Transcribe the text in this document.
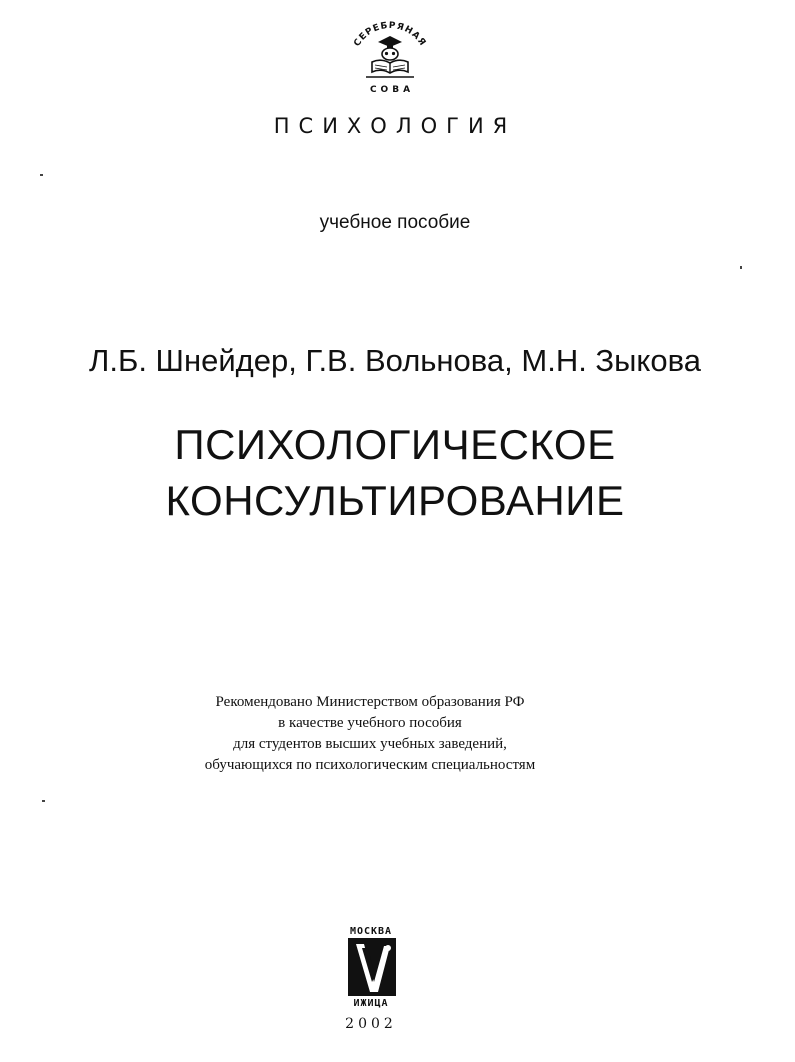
СЕРЕБРЯНАЯ
СОВА
ПСИХОЛОГИЯ
учебное пособие
Л.Б. Шнейдер, Г.В. Вольнова, М.Н. Зыкова
ПСИХОЛОГИЧЕСКОЕ
КОНСУЛЬТИРОВАНИЕ
Рекомендовано Министерством образования РФ
в качестве учебного пособия
для студентов высших учебных заведений,
обучающихся по психологическим специальностям
МОСКВА
ИЖИЦА
2002
